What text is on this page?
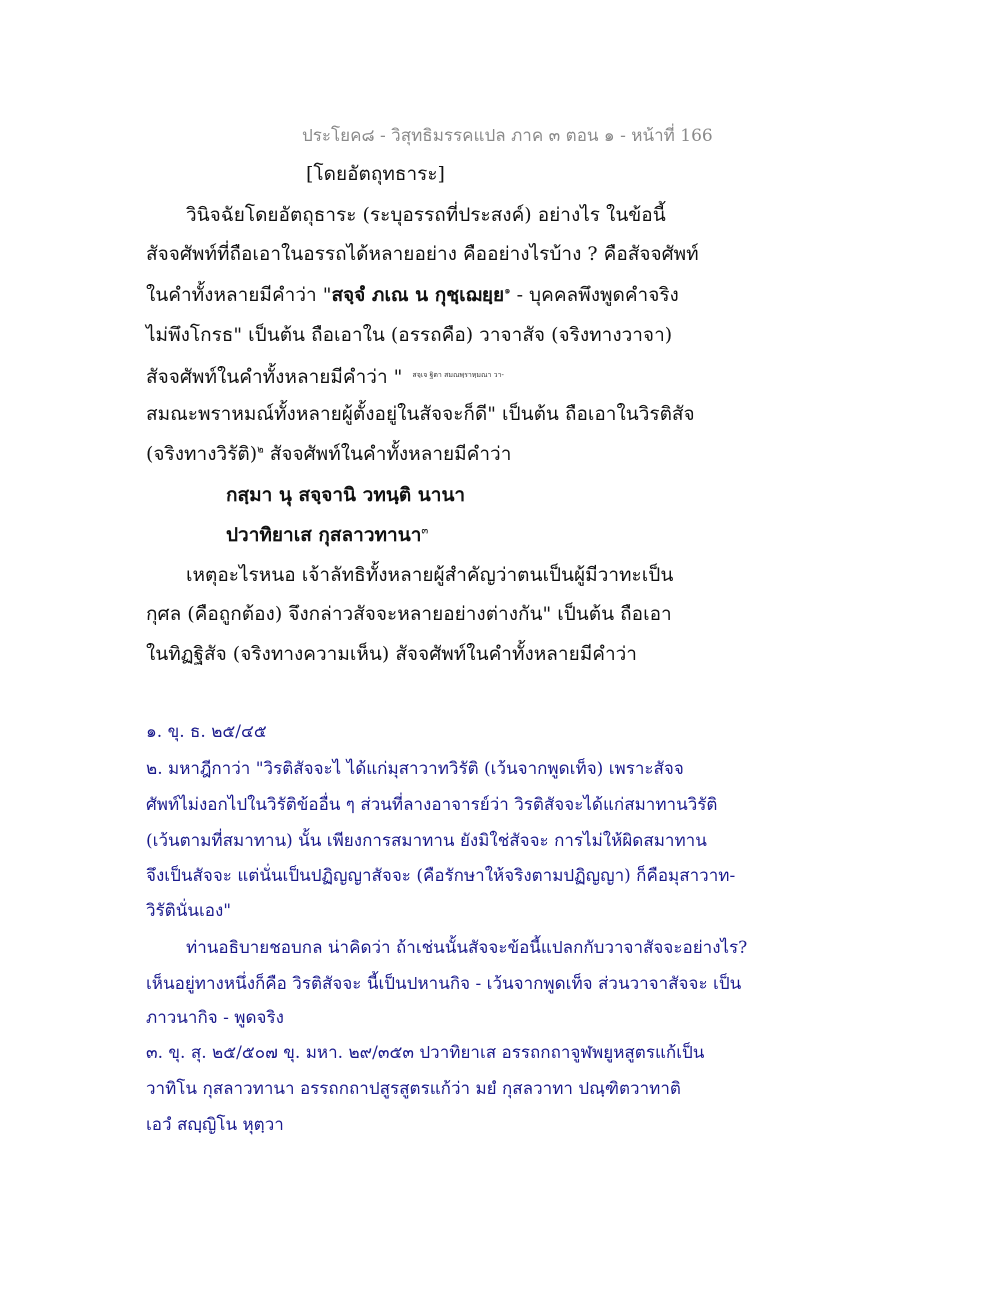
ประโยค๘ - วิสุทธิมรรคแปล ภาค ๓ ตอน ๑ - หน้าที่ 166
[โดยอัตถุทธาระ]
วินิจฉัยโดยอัตถุธาระ (ระบุอรรถที่ประสงค์) อย่างไร ในข้อนี้
สัจจศัพท์ที่ถือเอาในอรรถได้หลายอย่าง คืออย่างไรบ้าง ? คือสัจจศัพท์
ในคำทั้งหลายมีคำว่า "สจฺจํ ภเณ น กุชฺเฌยฺย$^๑$ - บุคคลพึงพูดคำจริง
ไม่พึงโกรธ" เป็นต้น ถือเอาใน (อรรถคือ) วาจาสัจ (จริงทางวาจา)
สัจจศัพท์ในคำทั้งหลายมีคำว่า " $^{สจฺเจ ฐิตา สมณพฺราหฺมณา วา-}$
สมณะพราหมณ์ทั้งหลายผู้ตั้งอยู่ในสัจจะก็ดี" เป็นต้น ถือเอาในวิรติสัจ
(จริงทางวิรัติ)$^๒$ สัจจศัพท์ในคำทั้งหลายมีคำว่า
กสฺมา นุ สจฺจานิ วทนฺติ นานา
ปวาทิยาเส กุสลาวทานา$^๓$
เหตุอะไรหนอ เจ้าลัทธิทั้งหลายผู้สำคัญว่าตนเป็นผู้มีวาทะเป็น
กุศล (คือถูกต้อง) จึงกล่าวสัจจะหลายอย่างต่างกัน" เป็นต้น ถือเอา
ในทิฏฐิสัจ (จริงทางความเห็น) สัจจศัพท์ในคำทั้งหลายมีคำว่า
๑. ขุ. ธ. ๒๕/๔๕
๒. มหาฎีกาว่า "วิรติสัจจะไ ได้แก่มุสาวาทวิรัติ (เว้นจากพูดเท็จ) เพราะสัจจ
ศัพท์ไม่งอกไปในวิรัติข้ออื่น ๆ ส่วนที่ลางอาจารย์ว่า วิรติสัจจะได้แก่สมาทานวิรัติ
(เว้นตามที่สมาทาน) นั้น เพียงการสมาทาน ยังมิใช่สัจจะ การไม่ให้ผิดสมาทาน
จึงเป็นสัจจะ แต่นั่นเป็นปฏิญญาสัจจะ (คือรักษาให้จริงตามปฏิญญา) ก็คือมุสาวาท-
วิรัตินั่นเอง"
ท่านอธิบายชอบกล น่าคิดว่า ถ้าเช่นนั้นสัจจะข้อนี้แปลกกับวาจาสัจจะอย่างไร?
เห็นอยู่ทางหนึ่งก็คือ วิรติสัจจะ นี้เป็นปหานกิจ - เว้นจากพูดเท็จ ส่วนวาจาสัจจะ เป็น
ภาวนากิจ - พูดจริง
๓. ขุ. สุ. ๒๕/๕๐๗ ขุ. มหา. ๒๙/๓๕๓ ปวาทิยาเส อรรถกถาจูฬพยูหสูตรแก้เป็น
วาทิโน กุสลาวทานา อรรถกถาปสูรสูตรแก้ว่า มยํ กุสลวาทา ปณฺฑิตวาทาติ
เอวํ สญฺญิโน หุตฺวา
